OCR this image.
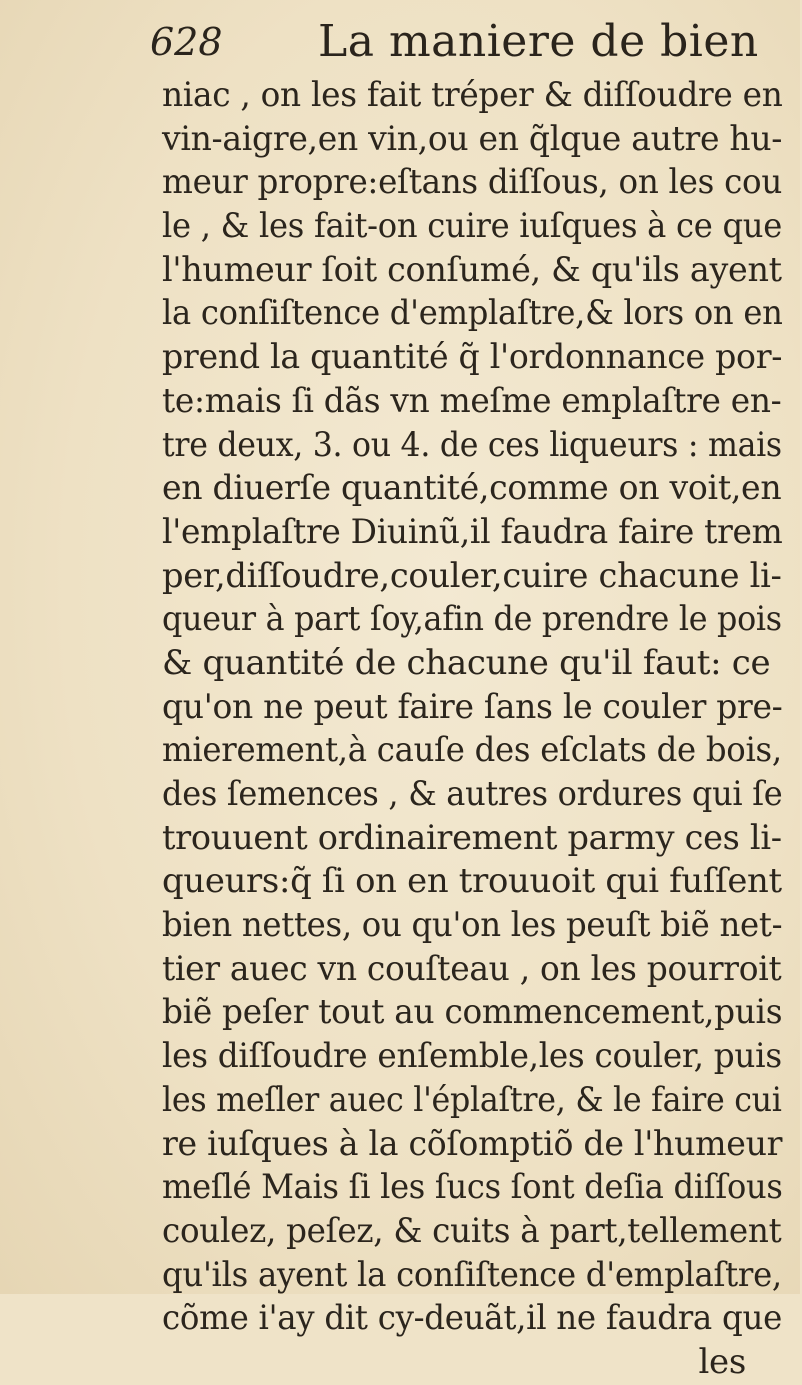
628 La maniere de bien
niac , on les fait tréper & diſſoudre en
vin-aigre,en vin,ou en q̃lque autre hu-
meur propre:eſtans diſſous, on les cou
le , & les fait-on cuire iuſques à ce que
l'humeur ſoit conſumé, & qu'ils ayent
la conſiſtence d'emplaſtre,& lors on en
prend la quantité q̃ l'ordonnance por-
te:mais ſi dãs vn meſme emplaſtre en-
tre deux, 3. ou 4. de ces liqueurs : mais
en diuerſe quantité,comme on voit,en
l'emplaſtre Diuinũ,il faudra faire trem
per,diſſoudre,couler,cuire chacune li-
queur à part ſoy,afin de prendre le pois
& quantité de chacune qu'il faut: ce
qu'on ne peut faire ſans le couler pre-
mierement,à cauſe des eſclats de bois,
des ſemences , & autres ordures qui ſe
trouuent ordinairement parmy ces li-
queurs:q̃ ſi on en trouuoit qui fuſſent
bien nettes, ou qu'on les peuſt biẽ net-
tier auec vn couſteau , on les pourroit
biẽ peſer tout au commencement,puis
les diſſoudre enſemble,les couler, puis
les meſler auec l'éplaſtre, & le faire cui
re iuſques à la cõſomptiõ de l'humeur
meſlé Mais ſi les ſucs ſont deſia diſſous
coulez, peſez, & cuits à part,tellement
qu'ils ayent la conſiſtence d'emplaſtre,
cõme i'ay dit cy-deuãt,il ne faudra que
les
